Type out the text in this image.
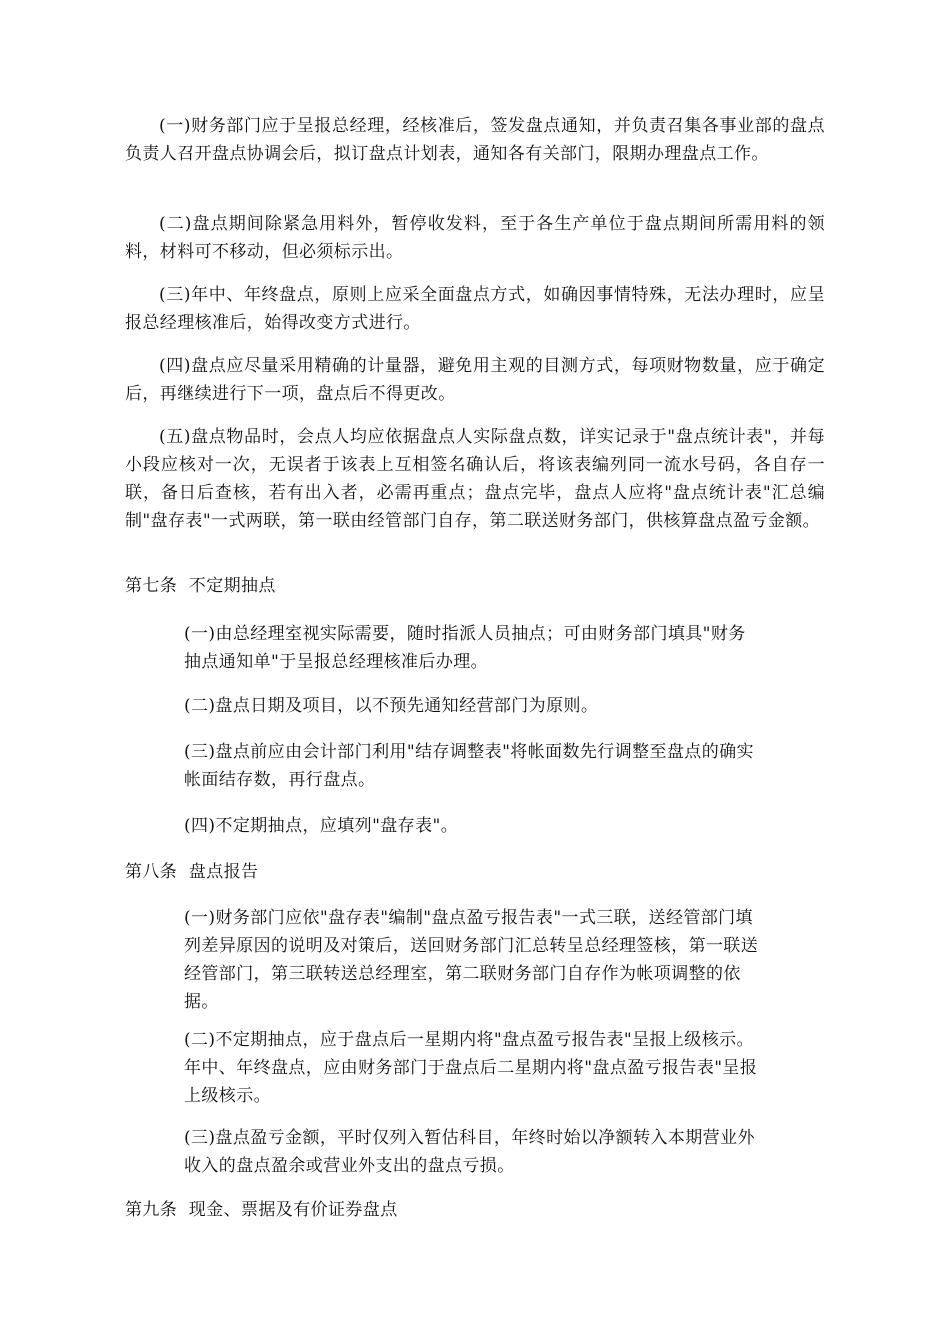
(一)财务部门应于呈报总经理，经核准后，签发盘点通知，并负责召集各事业部的盘点负责人召开盘点协调会后，拟订盘点计划表，通知各有关部门，限期办理盘点工作。

(二)盘点期间除紧急用料外，暂停收发料，至于各生产单位于盘点期间所需用料的领料，材料可不移动，但必须标示出。

(三)年中、年终盘点，原则上应采全面盘点方式，如确因事情特殊，无法办理时，应呈报总经理核准后，始得改变方式进行。

(四)盘点应尽量采用精确的计量器，避免用主观的目测方式，每项财物数量，应于确定后，再继续进行下一项，盘点后不得更改。

(五)盘点物品时，会点人均应依据盘点人实际盘点数，详实记录于"盘点统计表"，并每小段应核对一次，无误者于该表上互相签名确认后，将该表编列同一流水号码，各自存一联，备日后查核，若有出入者，必需再重点；盘点完毕，盘点人应将"盘点统计表"汇总编制"盘存表"一式两联，第一联由经管部门自存，第二联送财务部门，供核算盘点盈亏金额。

第七条  不定期抽点

(一)由总经理室视实际需要，随时指派人员抽点；可由财务部门填具"财务抽点通知单"于呈报总经理核准后办理。

(二)盘点日期及项目，以不预先通知经营部门为原则。

(三)盘点前应由会计部门利用"结存调整表"将帐面数先行调整至盘点的确实帐面结存数，再行盘点。

(四)不定期抽点，应填列"盘存表"。

第八条  盘点报告

(一)财务部门应依"盘存表"编制"盘点盈亏报告表"一式三联，送经管部门填列差异原因的说明及对策后，送回财务部门汇总转呈总经理签核，第一联送经管部门，第三联转送总经理室，第二联财务部门自存作为帐项调整的依据。

(二)不定期抽点，应于盘点后一星期内将"盘点盈亏报告表"呈报上级核示。年中、年终盘点，应由财务部门于盘点后二星期内将"盘点盈亏报告表"呈报上级核示。

(三)盘点盈亏金额，平时仅列入暂估科目，年终时始以净额转入本期营业外收入的盘点盈余或营业外支出的盘点亏损。

第九条  现金、票据及有价证券盘点
